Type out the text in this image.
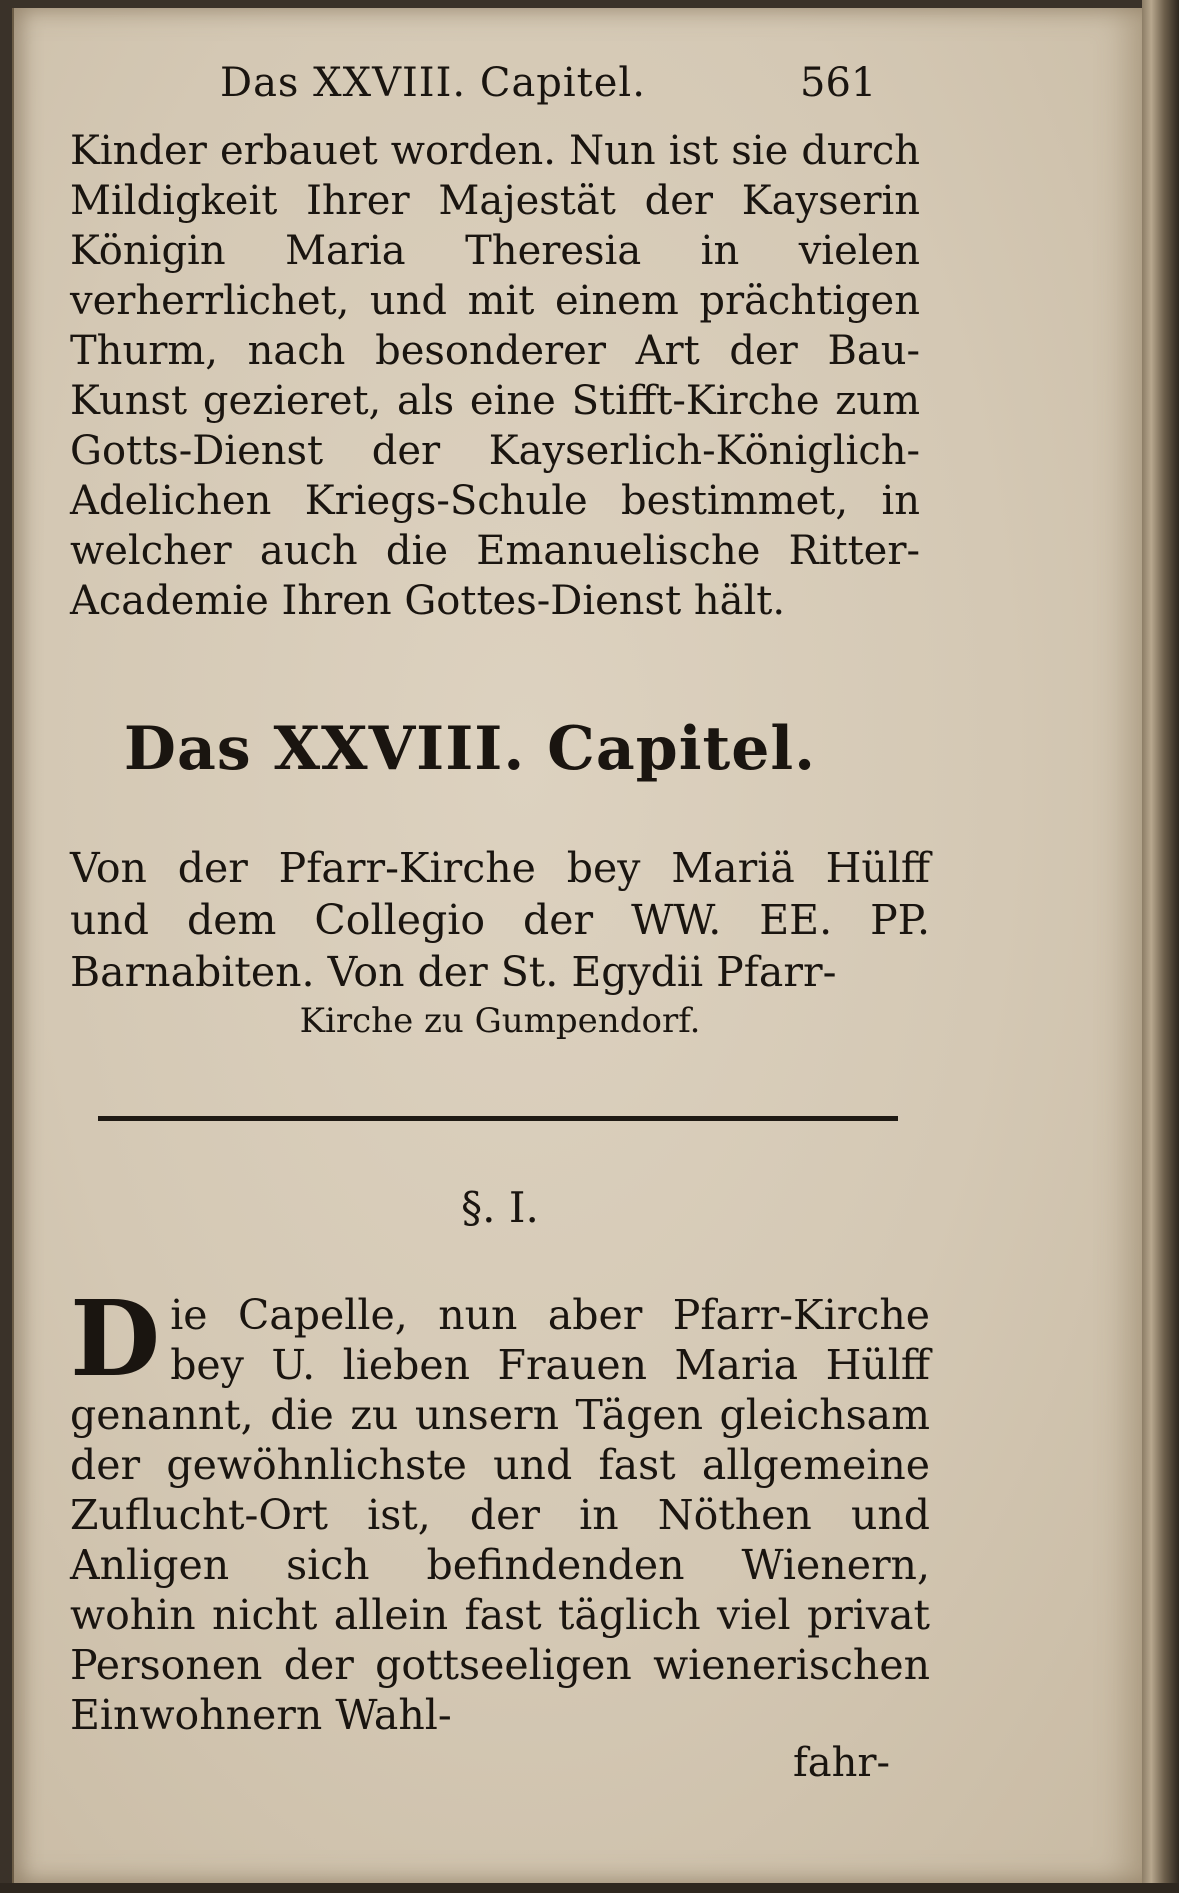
Das XXVIII. Capitel.	561

Kinder erbauet worden. Nun ist sie durch Mildigkeit Ihrer Majestät der Kayserin Königin Maria Theresia in vielen verherrlichet, und mit einem prächtigen Thurm, nach besonderer Art der Bau-Kunst gezieret, als eine Stifft-Kirche zum Gotts-Dienst der Kayserlich-Königlich-Adelichen Kriegs-Schule bestimmet, in welcher auch die Emanuelische Ritter-Academie Ihren Gottes-Dienst hält.

Das XXVIII. Capitel.

Von der Pfarr-Kirche bey Mariä Hülff und dem Collegio der WW. EE. PP. Barnabiten. Von der St. Egydii Pfarr-

Kirche zu Gumpendorf.

§. I.

D ie Capelle, nun aber Pfarr-Kirche bey U. lieben Frauen Maria Hülff genannt, die zu unsern Tägen gleichsam der gewöhnlichste und fast allgemeine Zuflucht-Ort ist, der in Nöthen und Anligen sich befindenden Wienern, wohin nicht allein fast täglich viel privat Personen der gottseeligen wienerischen Einwohnern Wahl-

fahr-
